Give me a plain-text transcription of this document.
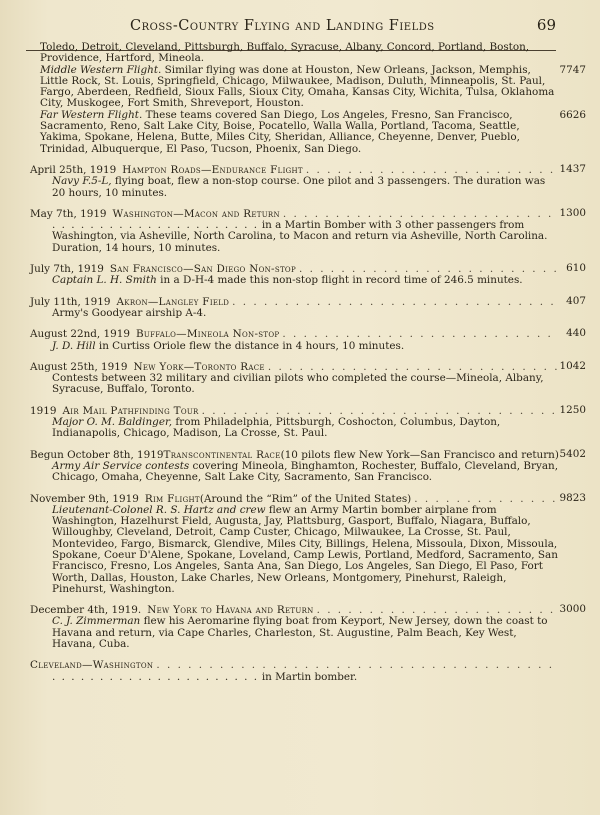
Cross-Country Flying and Landing Fields	69
Toledo, Detroit, Cleveland, Pittsburgh, Buffalo, Syracuse, Albany, Concord, Portland, Boston, Providence, Hartford, Mineola.
Middle Western Flight. Similar flying was done at Houston, New Orleans, Jackson, Memphis, Little Rock, St. Louis, Springfield, Chicago, Milwaukee, Madison, Duluth, Minneapolis, St. Paul, Fargo, Aberdeen, Redfield, Sioux Falls, Sioux City, Omaha, Kansas City, Wichita, Tulsa, Oklahoma City, Muskogee, Fort Smith, Shreveport, Houston.
7747
Far Western Flight. These teams covered San Diego, Los Angeles, Fresno, San Francisco, Sacramento, Reno, Salt Lake City, Boise, Pocatello, Walla Walla, Portland, Tacoma, Seattle, Yakima, Spokane, Helena, Butte, Miles City, Sheridan, Alliance, Cheyenne, Denver, Pueblo, Trinidad, Albuquerque, El Paso, Tucson, Phoenix, San Diego.
6626
April 25th, 1919 Hampton Roads—Endurance Flight . . .	1437
Navy F.5-L, flying boat, flew a non-stop course. One pilot and 3 passengers. The duration was 20 hours, 10 minutes.
May 7th, 1919 Washington—Macon and Return . . .	1300
. . . . . . . . . . . . . . . . . . . . . . in a Martin Bomber with 3 other passengers from Washington, via Asheville, North Carolina, to Macon and return via Asheville, North Carolina. Duration, 14 hours, 10 minutes.
July 7th, 1919 San Francisco—San Diego Non-stop . . .	610
Captain L. H. Smith in a D-H-4 made this non-stop flight in record time of 246.5 minutes.
July 11th, 1919 Akron—Langley Field . . .	407
Army's Goodyear airship A-4.
August 22nd, 1919 Buffalo—Mineola Non-stop . . .	440
J. D. Hill in Curtiss Oriole flew the distance in 4 hours, 10 minutes.
August 25th, 1919 New York—Toronto Race . . .	1042
Contests between 32 military and civilian pilots who completed the course—Mineola, Albany, Syracuse, Buffalo, Toronto.
1919 Air Mail Pathfinding Tour . . .	1250
Major O. M. Baldinger, from Philadelphia, Pittsburgh, Coshocton, Columbus, Dayton, Indianapolis, Chicago, Madison, La Crosse, St. Paul.
Begun October 8th, 1919 Transcontinental Race (10 pilots flew New York—San Francisco and return) 5402
Army Air Service contests covering Mineola, Binghamton, Rochester, Buffalo, Cleveland, Bryan, Chicago, Omaha, Cheyenne, Salt Lake City, Sacramento, San Francisco.
November 9th, 1919 Rim Flight (Around the “Rim” of the United States) . . .	9823
Lieutenant-Colonel R. S. Hartz and crew flew an Army Martin bomber airplane from Washington, Hazelhurst Field, Augusta, Jay, Plattsburg, Gasport, Buffalo, Niagara, Buffalo, Willoughby, Cleveland, Detroit, Camp Custer, Chicago, Milwaukee, La Crosse, St. Paul, Montevideo, Fargo, Bismarck, Glendive, Miles City, Billings, Helena, Missoula, Dixon, Missoula, Spokane, Coeur D'Alene, Spokane, Loveland, Camp Lewis, Portland, Medford, Sacramento, San Francisco, Fresno, Los Angeles, Santa Ana, San Diego, Los Angeles, San Diego, El Paso, Fort Worth, Dallas, Houston, Lake Charles, New Orleans, Montgomery, Pinehurst, Raleigh, Pinehurst, Washington.
December 4th, 1919. New York to Havana and Return . . .	3000
C. J. Zimmerman flew his Aeromarine flying boat from Keyport, New Jersey, down the coast to Havana and return, via Cape Charles, Charleston, St. Augustine, Palm Beach, Key West, Havana, Cuba.
Cleveland—Washington
. . .
. . . . . . . . . . . . . . . . . . . . . . in Martin bomber.
